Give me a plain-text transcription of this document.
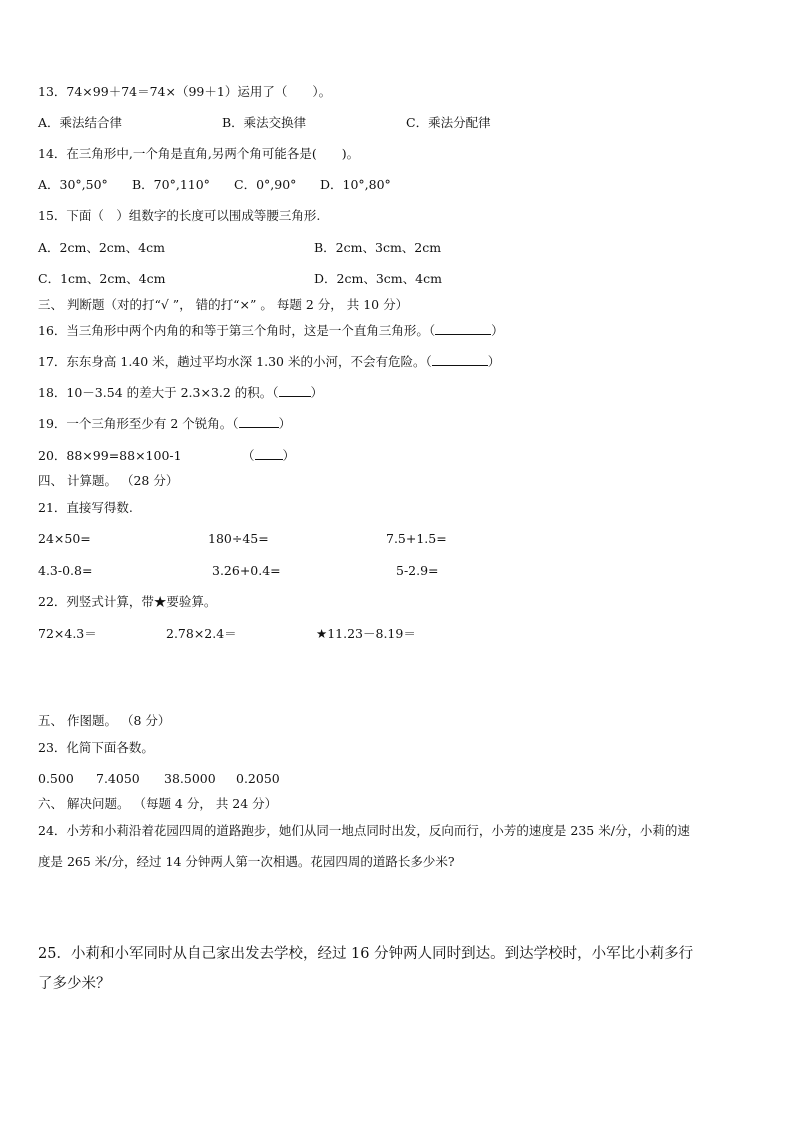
13．74×99＋74＝74×（99＋1）运用了（　　）。
A．乘法结合律	B．乘法交换律	C．乘法分配律
14．在三角形中,一个角是直角,另两个角可能各是(　　)。
A．30°,50° B．70°,110° C．0°,90° D．10°,80°
15．下面（　）组数字的长度可以围成等腰三角形.
A．2cm、2cm、4cm	B．2cm、3cm、2cm
C．1cm、2cm、4cm	D．2cm、3cm、4cm
三、 判断题（对的打“√ ”， 错的打“×” 。 每题 2 分， 共 10 分）
16．当三角形中两个内角的和等于第三个角时，这是一个直角三角形。（	）
17．东东身高 1.40 米，趟过平均水深 1.30 米的小河，不会有危险。（	）
18．10－3.54 的差大于 2.3×3.2 的积。（	）
19．一个三角形至少有 2 个锐角。（	）
20．88×99=88×100-1	（ ）
四、 计算题。 （28 分）
21．直接写得数.
24×50=	180÷45=	7.5+1.5=
4.3-0.8=	3.26+0.4=	5-2.9=
22．列竖式计算，带★要验算。
72×4.3＝	2.78×2.4＝	★11.23－8.19＝
五、 作图题。 （8 分）
23．化简下面各数。
0.500 7.4050 38.5000 0.2050
六、 解决问题。 （每题 4 分， 共 24 分）
24．小芳和小莉沿着花园四周的道路跑步，她们从同一地点同时出发，反向而行，小芳的速度是 235 米/分，小莉的速
度是 265 米/分，经过 14 分钟两人第一次相遇。花园四周的道路长多少米?
25．小莉和小军同时从自己家出发去学校，经过 16 分钟两人同时到达。到达学校时，小军比小莉多行
了多少米？
